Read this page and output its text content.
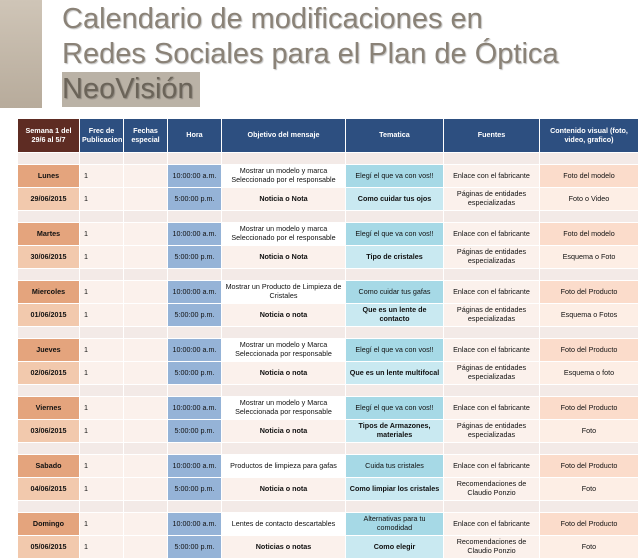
Calendario de modificaciones en
Redes Sociales para el Plan de Óptica
NeoVisión
Semana 1 del 29/6 al 5/7	Frec de Publicacion	Fechas especial	Hora	Objetivo del mensaje	Tematica	Fuentes	Contenido visual (foto, video, grafico)

Lunes	1		10:00:00 a.m.	Mostrar un modelo y marca Seleccionado por el responsable	Elegí el que va con vos!!	Enlace con el fabricante	Foto del modelo
29/06/2015	1		5:00:00 p.m.	Noticia o Nota	Como cuidar tus ojos	Páginas de entidades especializadas	Foto o Video

Martes	1		10:00:00 a.m.	Mostrar un modelo y marca Seleccionado por el responsable	Elegí el que va con vos!!	Enlace con el fabricante	Foto del modelo
30/06/2015	1		5:00:00 p.m.	Noticia o Nota	Tipo de cristales	Páginas de entidades especializadas	Esquema o Foto

Miercoles	1		10:00:00 a.m.	Mostrar un Producto de Limpieza de Cristales	Como cuidar tus gafas	Enlace con el fabricante	Foto del Producto
01/06/2015	1		5:00:00 p.m.	Noticia o nota	Que es un lente de contacto	Páginas de entidades especializadas	Esquema o Fotos

Jueves	1		10:00:00 a.m.	Mostrar un modelo y Marca Seleccionada por responsable	Elegí el que va con vos!!	Enlace con el fabricante	Foto del Producto
02/06/2015	1		5:00:00 p.m.	Noticia o nota	Que es un lente multifocal	Páginas de entidades especializadas	Esquema o foto

Viernes	1		10:00:00 a.m.	Mostrar un modelo y Marca Seleccionada por responsable	Elegí el que va con vos!!	Enlace con el fabricante	Foto del Producto
03/06/2015	1		5:00:00 p.m.	Noticia o nota	Tipos de Armazones, materiales	Páginas de entidades especializadas	Foto

Sabado	1		10:00:00 a.m.	Productos de limpieza para gafas	Cuida tus cristales	Enlace con el fabricante	Foto del Producto
04/06/2015	1		5:00:00 p.m.	Noticia o nota	Como limpiar los cristales	Recomendaciones de Claudio Ponzio	Foto

Domingo	1		10:00:00 a.m.	Lentes de contacto descartables	Alternativas para tu comodidad	Enlace con el fabricante	Foto del Producto
05/06/2015	1		5:00:00 p.m.	Noticias o notas	Como elegir	Recomendaciones de Claudio Ponzio	Foto
